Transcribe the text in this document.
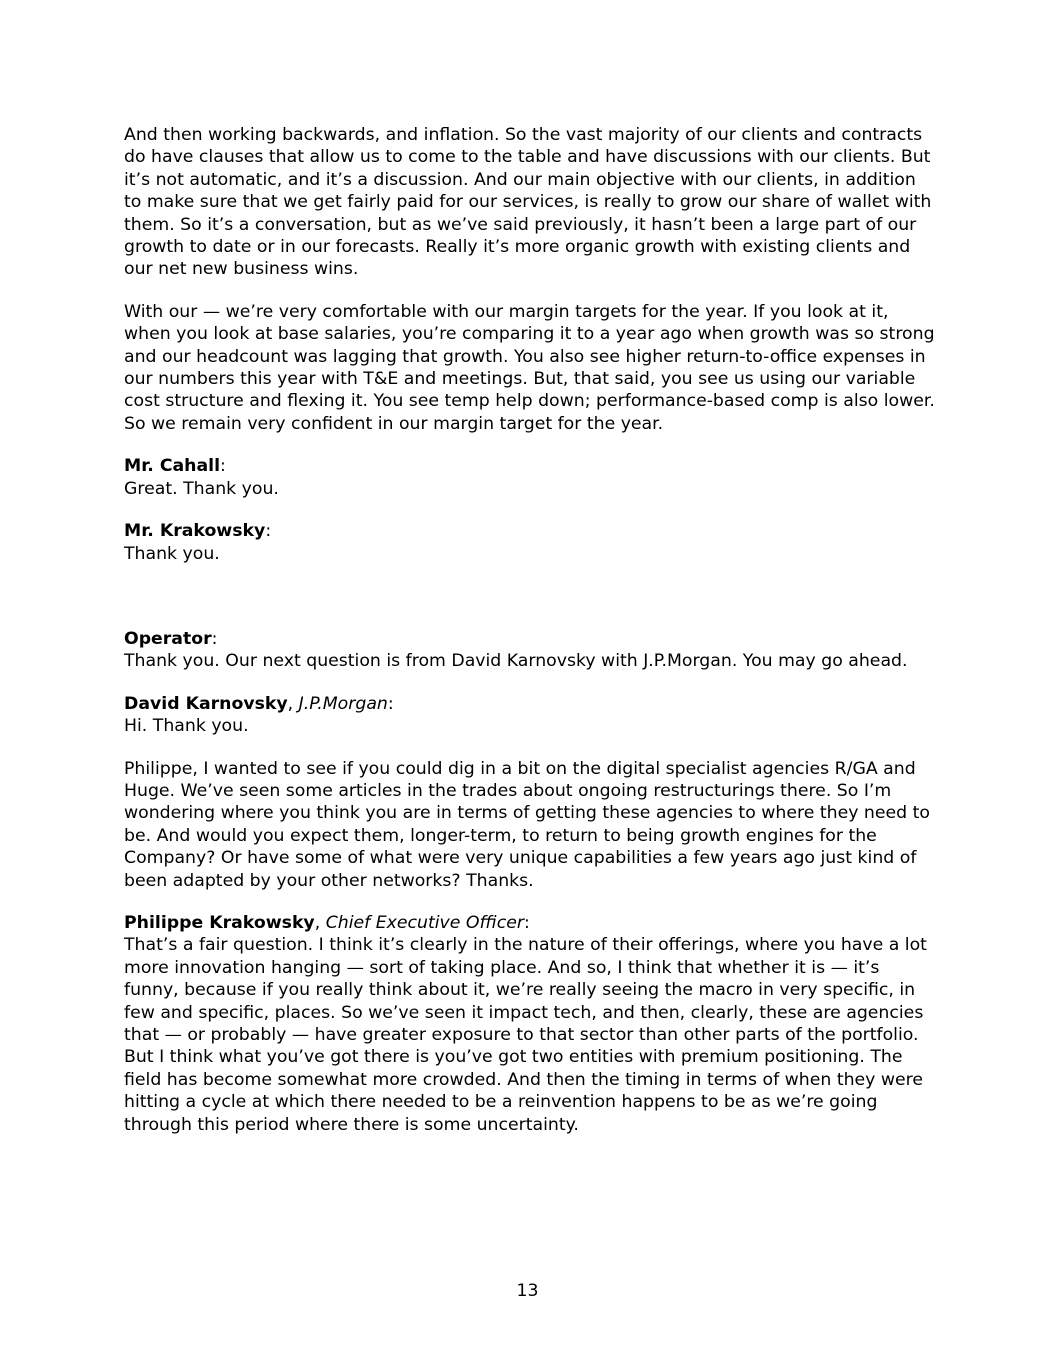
And then working backwards, and inflation. So the vast majority of our clients and contracts do have clauses that allow us to come to the table and have discussions with our clients. But it’s not automatic, and it’s a discussion. And our main objective with our clients, in addition to make sure that we get fairly paid for our services, is really to grow our share of wallet with them. So it’s a conversation, but as we’ve said previously, it hasn’t been a large part of our growth to date or in our forecasts. Really it’s more organic growth with existing clients and our net new business wins.

With our — we’re very comfortable with our margin targets for the year. If you look at it, when you look at base salaries, you’re comparing it to a year ago when growth was so strong and our headcount was lagging that growth. You also see higher return-to-office expenses in our numbers this year with T&E and meetings. But, that said, you see us using our variable cost structure and flexing it. You see temp help down; performance-based comp is also lower. So we remain very confident in our margin target for the year.

Mr. Cahall:
Great. Thank you.
Mr. Krakowsky:
Thank you.
Operator:
Thank you. Our next question is from David Karnovsky with J.P.Morgan. You may go ahead.
David Karnovsky, J.P.Morgan:
Hi. Thank you.

Philippe, I wanted to see if you could dig in a bit on the digital specialist agencies R/GA and Huge. We’ve seen some articles in the trades about ongoing restructurings there. So I’m wondering where you think you are in terms of getting these agencies to where they need to be. And would you expect them, longer-term, to return to being growth engines for the Company? Or have some of what were very unique capabilities a few years ago just kind of been adapted by your other networks? Thanks.

Philippe Krakowsky, Chief Executive Officer:
That’s a fair question. I think it’s clearly in the nature of their offerings, where you have a lot more innovation hanging — sort of taking place. And so, I think that whether it is — it’s funny, because if you really think about it, we’re really seeing the macro in very specific, in few and specific, places. So we’ve seen it impact tech, and then, clearly, these are agencies that — or probably — have greater exposure to that sector than other parts of the portfolio. But I think what you’ve got there is you’ve got two entities with premium positioning. The field has become somewhat more crowded. And then the timing in terms of when they were hitting a cycle at which there needed to be a reinvention happens to be as we’re going through this period where there is some uncertainty.
13
